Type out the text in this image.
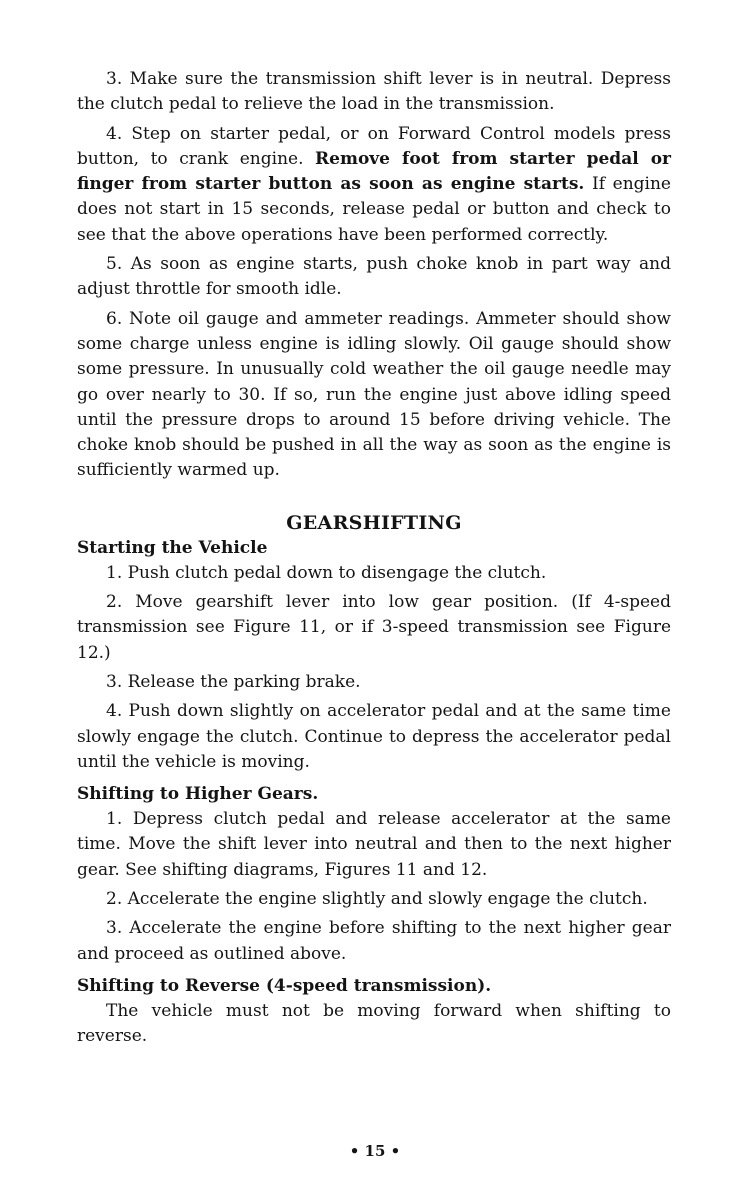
3. Make sure the transmission shift lever is in neutral. Depress the clutch pedal to relieve the load in the transmission.

4. Step on starter pedal, or on Forward Control models press button, to crank engine. Remove foot from starter pedal or finger from starter button as soon as engine starts. If engine does not start in 15 seconds, release pedal or button and check to see that the above operations have been performed correctly.

5. As soon as engine starts, push choke knob in part way and adjust throttle for smooth idle.

6. Note oil gauge and ammeter readings. Ammeter should show some charge unless engine is idling slowly. Oil gauge should show some pressure. In unusually cold weather the oil gauge needle may go over nearly to 30. If so, run the engine just above idling speed until the pressure drops to around 15 before driving vehicle. The choke knob should be pushed in all the way as soon as the engine is sufficiently warmed up.

GEARSHIFTING
Starting the Vehicle

1. Push clutch pedal down to disengage the clutch.

2. Move gearshift lever into low gear position. (If 4-speed transmission see Figure 11, or if 3-speed transmission see Figure 12.)

3. Release the parking brake.

4. Push down slightly on accelerator pedal and at the same time slowly engage the clutch. Continue to depress the accelerator pedal until the vehicle is moving.

Shifting to Higher Gears.

1. Depress clutch pedal and release accelerator at the same time. Move the shift lever into neutral and then to the next higher gear. See shifting diagrams, Figures 11 and 12.

2. Accelerate the engine slightly and slowly engage the clutch.

3. Accelerate the engine before shifting to the next higher gear and proceed as outlined above.

Shifting to Reverse (4-speed transmission).

The vehicle must not be moving forward when shifting to reverse.

• 15 •
